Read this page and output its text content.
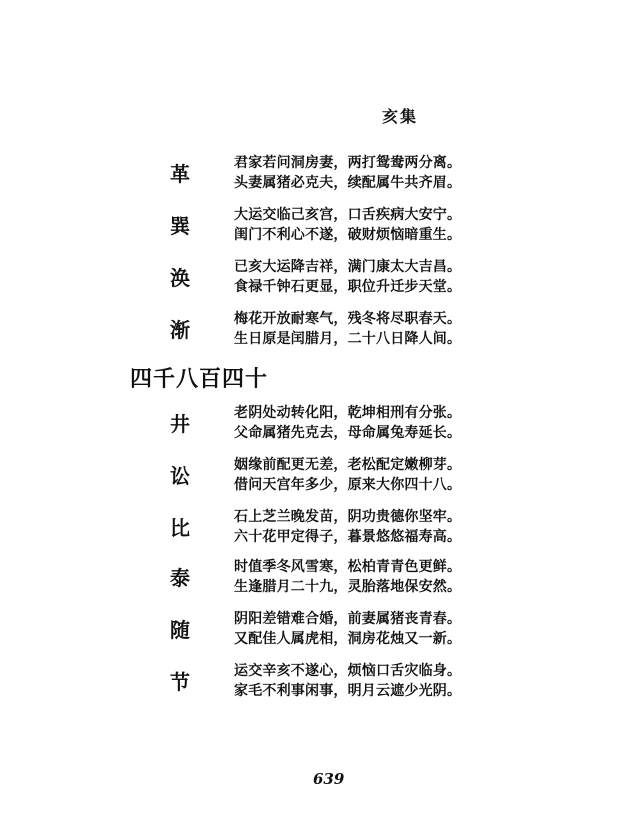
亥集
革	君家若问洞房妻，两打鸳鸯两分离。
头妻属猪必克夫，续配属牛共齐眉。
巽	大运交临己亥宫，口舌疾病大安宁。
闺门不利心不遂，破财烦恼暗重生。
涣	已亥大运降吉祥，满门康太大吉昌。
食禄千钟石更显，职位升迁步天堂。
渐	梅花开放耐寒气，残冬将尽职春天。
生日原是闰腊月，二十八日降人间。
四千八百四十
井	老阴处动转化阳，乾坤相刑有分张。
父命属猪先克去，母命属兔寿延长。
讼	姻缘前配更无差，老松配定嫩柳芽。
借问天宫年多少，原来大你四十八。
比	石上芝兰晚发苗，阴功贵德你坚牢。
六十花甲定得子，暮景悠悠福寿高。
泰	时值季冬风雪寒，松柏青青色更鲜。
生逢腊月二十九，灵胎落地保安然。
随	阴阳差错难合婚，前妻属猪丧青春。
又配佳人属虎相，洞房花烛又一新。
节	运交辛亥不遂心，烦恼口舌灾临身。
家毛不利事闲事，明月云遮少光阴。
639
